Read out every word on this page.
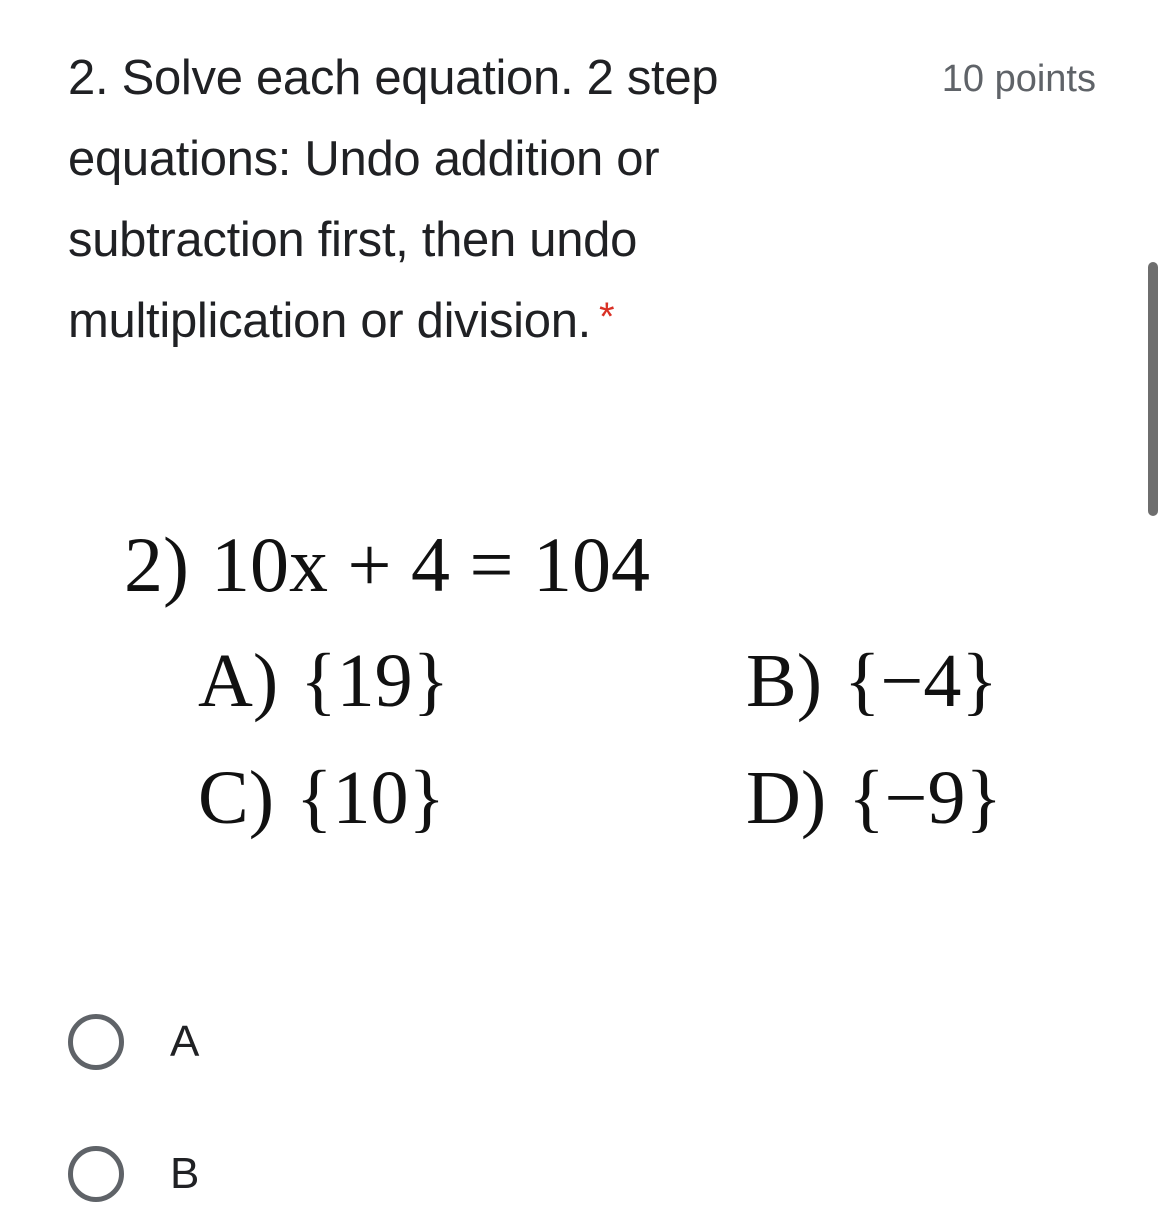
2. Solve each equation. 2 step equations: Undo addition or subtraction first, then undo multiplication or division. *
10 points
2) 10x + 4 = 104
A) {19}	B) {−4}
C) {10}	D) {−9}
A
B
